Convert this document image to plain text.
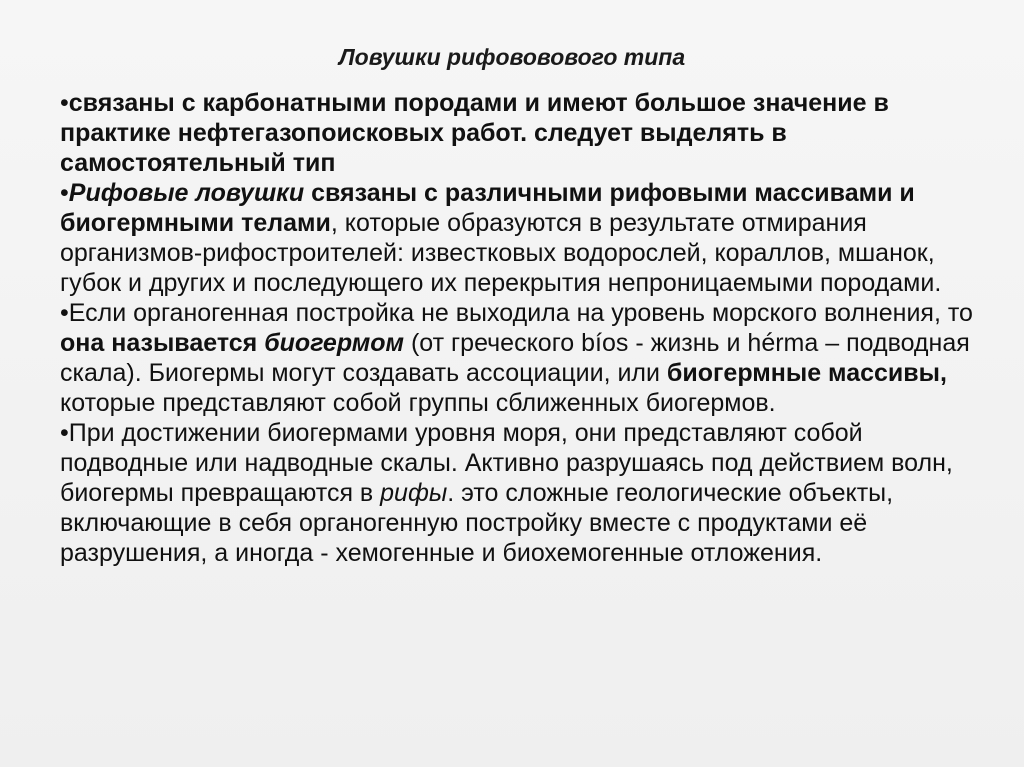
Ловушки рифововового типа

•связаны с карбонатными породами и имеют большое значение в практике нефтегазопоисковых работ. следует выделять в самостоятельный тип

•Рифовые ловушки связаны с различными рифовыми массивами и биогермными телами, которые образуются в результате отмирания организмов-рифостроителей: известковых водорослей, кораллов, мшанок, губок и других и последующего их перекрытия непроницаемыми породами.

•Если органогенная постройка не выходила на уровень морского волнения, то она называется биогермом (от греческого bíos - жизнь и hérma – подводная скала). Биогермы могут создавать ассоциации, или биогермные массивы, которые представляют собой группы сближенных биогермов.

•При достижении биогермами уровня моря, они представляют собой подводные или надводные скалы. Активно разрушаясь под действием волн, биогермы превращаются в рифы. это сложные геологические объекты, включающие в себя органогенную постройку вместе с продуктами её разрушения, а иногда - хемогенные и биохемогенные отложения.
